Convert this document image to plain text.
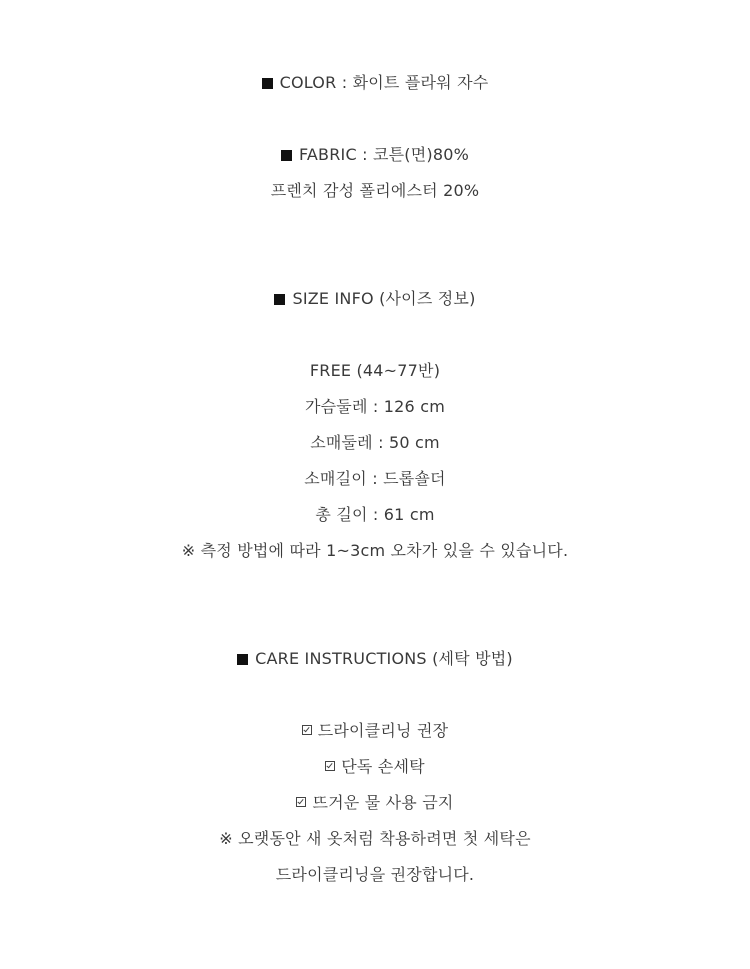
COLOR : 화이트 플라워 자수
FABRIC : 코튼(면)80%
프렌치 감성 폴리에스터 20%
SIZE INFO (사이즈 정보)
FREE (44~77반)
가슴둘레 : 126 cm
소매둘레 : 50 cm
소매길이 : 드롭숄더
총 길이 : 61 cm
※ 측정 방법에 따라 1~3cm 오차가 있을 수 있습니다.
CARE INSTRUCTIONS (세탁 방법)
드라이클리닝 권장
단독 손세탁
뜨거운 물 사용 금지
※ 오랫동안 새 옷처럼 착용하려면 첫 세탁은
드라이클리닝을 권장합니다.
